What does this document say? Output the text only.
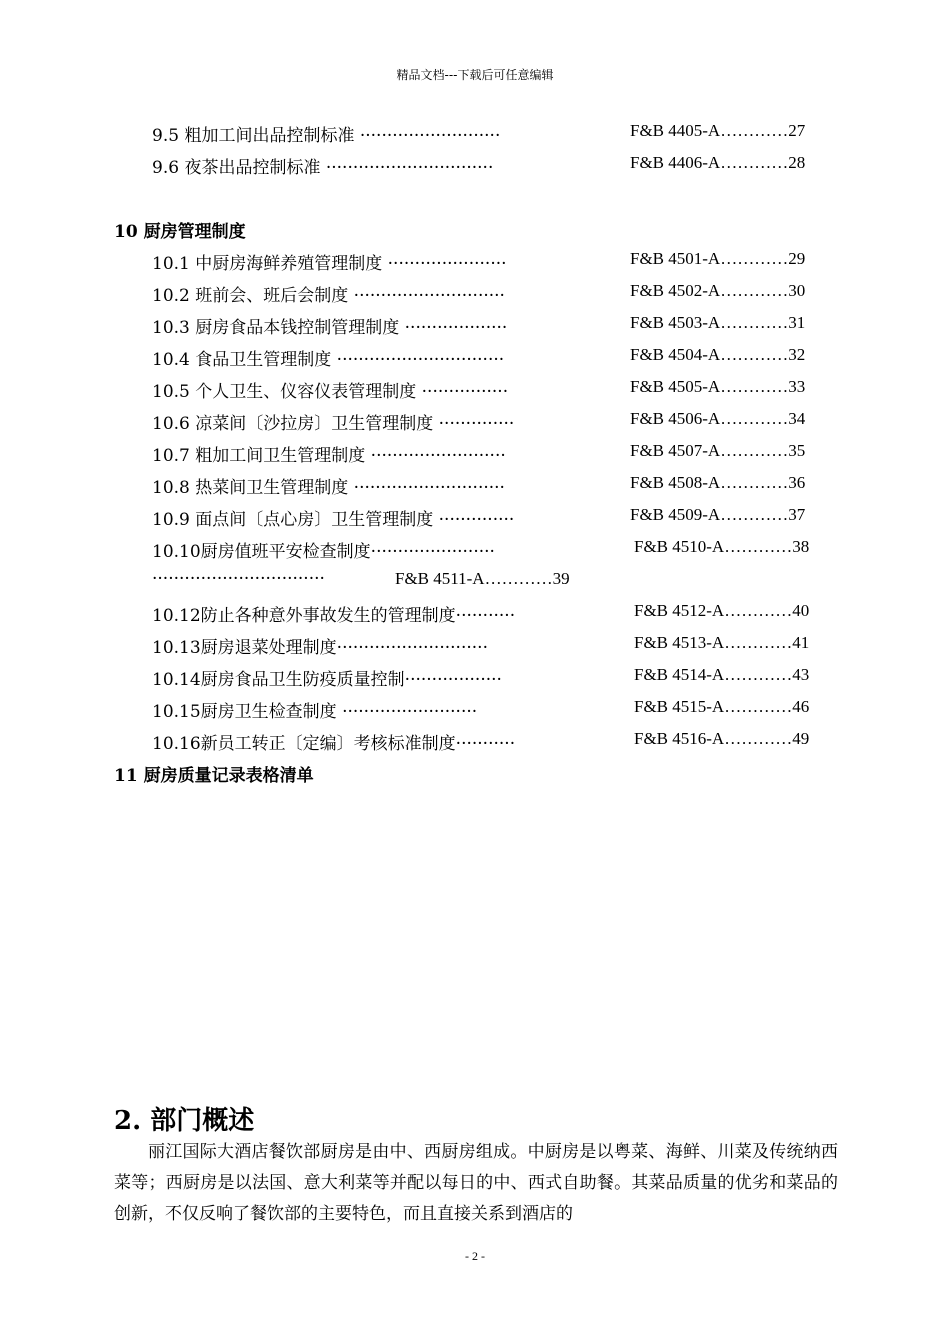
精品文档---下载后可任意编辑
9.5 粗加工间出品控制标准 ··························	F&B 4405-A…………27
9.6 夜茶出品控制标准 ·······························	F&B 4406-A…………28
10 厨房管理制度
10.1 中厨房海鲜养殖管理制度 ······················	F&B 4501-A…………29
10.2 班前会、班后会制度 ····························	F&B 4502-A…………30
10.3 厨房食品本钱控制管理制度 ···················	F&B 4503-A…………31
10.4 食品卫生管理制度 ·······························	F&B 4504-A…………32
10.5 个人卫生、仪容仪表管理制度 ················	F&B 4505-A…………33
10.6 凉菜间〔沙拉房〕卫生管理制度 ··············	F&B 4506-A…………34
10.7 粗加工间卫生管理制度 ·························	F&B 4507-A…………35
10.8 热菜间卫生管理制度 ····························	F&B 4508-A…………36
10.9 面点间〔点心房〕卫生管理制度 ··············	F&B 4509-A…………37
10.10厨房值班平安检查制度·······················	F&B 4510-A…………38
································	F&B 4511-A…………39
10.12防止各种意外事故发生的管理制度···········	F&B 4512-A…………40
10.13厨房退菜处理制度····························	F&B 4513-A…………41
10.14厨房食品卫生防疫质量控制··················	F&B 4514-A…………43
10.15厨房卫生检查制度 ·························	F&B 4515-A…………46
10.16新员工转正〔定编〕考核标准制度···········	F&B 4516-A…………49
11 厨房质量记录表格清单
2. 部门概述

丽江国际大酒店餐饮部厨房是由中、西厨房组成。中厨房是以粤菜、海鲜、川菜及传统纳西菜等；西厨房是以法国、意大利菜等并配以每日的中、西式自助餐。其菜品质量的优劣和菜品的创新，不仅反响了餐饮部的主要特色，而且直接关系到酒店的

- 2 -
